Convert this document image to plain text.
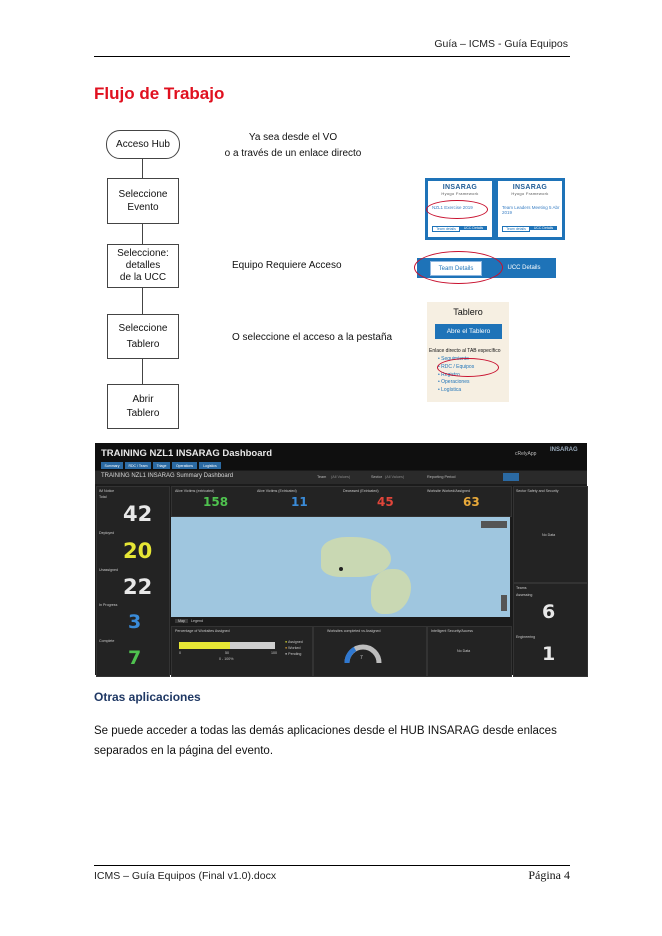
Guía – ICMS - Guía Equipos
Flujo de Trabajo
Acceso Hub
Seleccione
Evento
Seleccione:
detalles
de la UCC
Seleccione
Tablero
Abrir
Tablero
Ya sea desde el VO
o a través de un enlace directo
Equipo Requiere Acceso
O seleccione el acceso a la pestaña
INSARAG
Hyogo Framework
NZL1 Exercise 2019
Team details	UCC Details
INSARAG
Hyogo Framework
Team Leaders Meeting 5 Abr 2019
Team details	UCC Details
Team Details	UCC Details
Tablero
Abre el Tablero
Enlace directo al TAB específico
• Seguimiento
• RDC / Equipos
• Registro
• Operaciones
• Logística
TRAINING NZL1 INSARAG Dashboard	cRelyApp
INSARAG
Summary	RDC / Team	Triage	Operations	Logistics
TRAINING NZL1 INSARAG Summary Dashboard	Team (All Values)	Sector (All Values)	Reporting Period
IM Notice
Total
42
Deployed
20
Unassigned
22
In Progress
3
Complete
7
Alive Victims (extricated)
158
Alive Victims (Extricated)
11
Deceased (Extricated)
45
Worksite Worked/Assigned
63
Map	Legend
Percentage of Worksites Assigned
0	50	100
0 - 100%
● Assigned
● Worked
● Pending
Worksites completed vs Assigned
7
Intelligent Security/Access
No Data
Sector Safety and Security
No Data
Teams
Assessing
6
Engineering
1
Otras aplicaciones
Se puede acceder a todas las demás aplicaciones desde el HUB INSARAG desde enlaces separados en la página del evento.
ICMS – Guía Equipos (Final v1.0).docx	Página 4
